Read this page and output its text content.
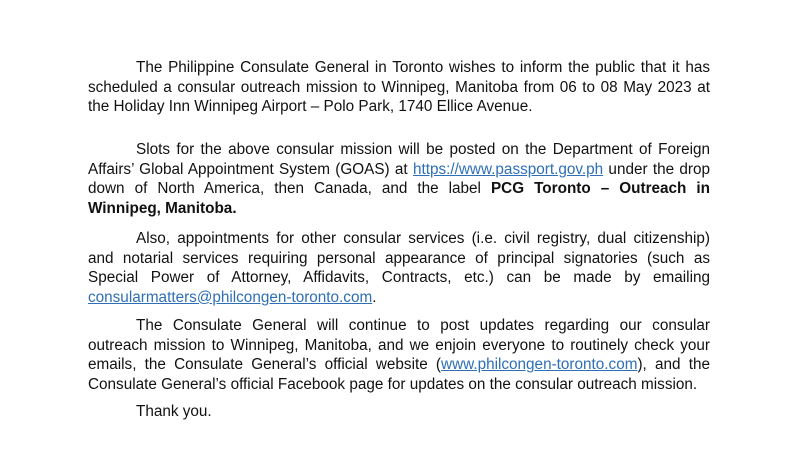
The Philippine Consulate General in Toronto wishes to inform the public that it has scheduled a consular outreach mission to Winnipeg, Manitoba from 06 to 08 May 2023 at the Holiday Inn Winnipeg Airport – Polo Park, 1740 Ellice Avenue.

Slots for the above consular mission will be posted on the Department of Foreign Affairs’ Global Appointment System (GOAS) at https://www.passport.gov.ph under the drop down of North America, then Canada, and the label PCG Toronto – Outreach in Winnipeg, Manitoba.

Also, appointments for other consular services (i.e. civil registry, dual citizenship) and notarial services requiring personal appearance of principal signatories (such as Special Power of Attorney, Affidavits, Contracts, etc.) can be made by emailing consularmatters@philcongen-toronto.com.

The Consulate General will continue to post updates regarding our consular outreach mission to Winnipeg, Manitoba, and we enjoin everyone to routinely check your emails, the Consulate General’s official website (www.philcongen-toronto.com), and the Consulate General’s official Facebook page for updates on the consular outreach mission.

Thank you.
